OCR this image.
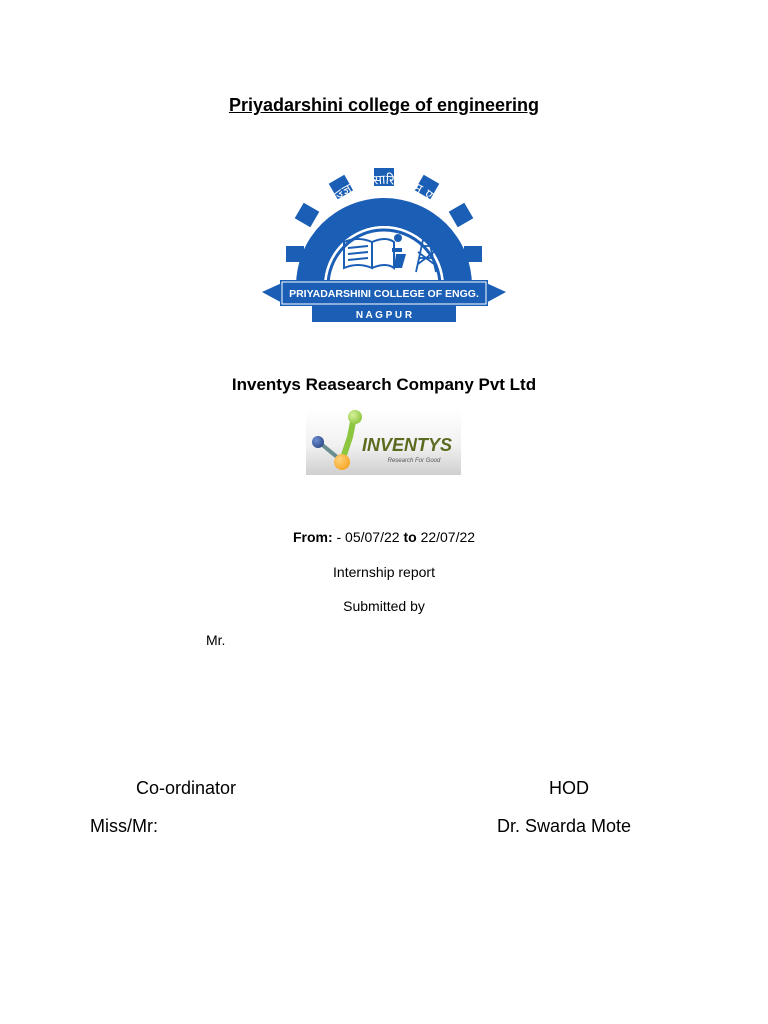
Priyadarshini college of engineering
तज्ज्ञानं प्रसारितव्यम् एव
PRIYADARSHINI COLLEGE OF ENGG.
N A G P U R
Inventys Reasearch Company Pvt Ltd
INVENTYS
Research For Good
From: - 05/07/22 to 22/07/22
Internship report
Submitted by
Mr.
Co-ordinator
Miss/Mr:
HOD
Dr. Swarda Mote
